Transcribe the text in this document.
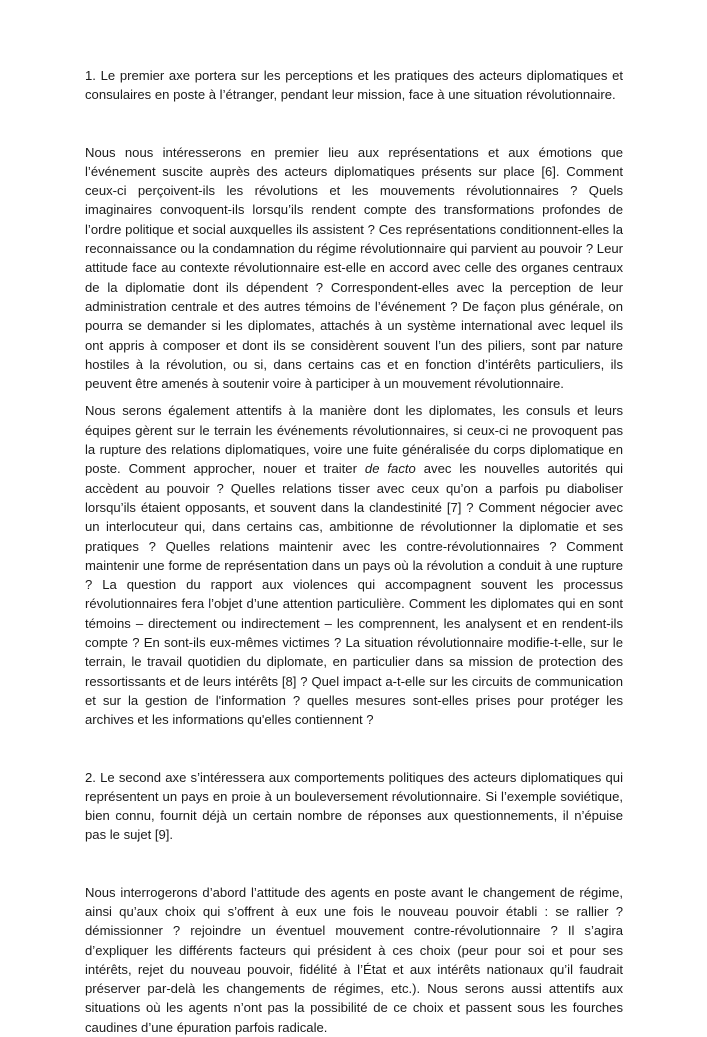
1. Le premier axe portera sur les perceptions et les pratiques des acteurs diplomatiques et consulaires en poste à l’étranger, pendant leur mission, face à une situation révolutionnaire.

Nous nous intéresserons en premier lieu aux représentations et aux émotions que l’événement suscite auprès des acteurs diplomatiques présents sur place [6]. Comment ceux-ci perçoivent-ils les révolutions et les mouvements révolutionnaires ? Quels imaginaires convoquent-ils lorsqu’ils rendent compte des transformations profondes de l’ordre politique et social auxquelles ils assistent ? Ces représentations conditionnent-elles la reconnaissance ou la condamnation du régime révolutionnaire qui parvient au pouvoir ? Leur attitude face au contexte révolutionnaire est-elle en accord avec celle des organes centraux de la diplomatie dont ils dépendent ? Correspondent-elles avec la perception de leur administration centrale et des autres témoins de l’événement ? De façon plus générale, on pourra se demander si les diplomates, attachés à un système international avec lequel ils ont appris à composer et dont ils se considèrent souvent l’un des piliers, sont par nature hostiles à la révolution, ou si, dans certains cas et en fonction d’intérêts particuliers, ils peuvent être amenés à soutenir voire à participer à un mouvement révolutionnaire.

Nous serons également attentifs à la manière dont les diplomates, les consuls et leurs équipes gèrent sur le terrain les événements révolutionnaires, si ceux-ci ne provoquent pas la rupture des relations diplomatiques, voire une fuite généralisée du corps diplomatique en poste. Comment approcher, nouer et traiter de facto avec les nouvelles autorités qui accèdent au pouvoir ? Quelles relations tisser avec ceux qu’on a parfois pu diaboliser lorsqu’ils étaient opposants, et souvent dans la clandestinité [7] ? Comment négocier avec un interlocuteur qui, dans certains cas, ambitionne de révolutionner la diplomatie et ses pratiques ? Quelles relations maintenir avec les contre-révolutionnaires ? Comment maintenir une forme de représentation dans un pays où la révolution a conduit à une rupture ? La question du rapport aux violences qui accompagnent souvent les processus révolutionnaires fera l’objet d’une attention particulière. Comment les diplomates qui en sont témoins – directement ou indirectement – les comprennent, les analysent et en rendent-ils compte ? En sont-ils eux-mêmes victimes ? La situation révolutionnaire modifie-t-elle, sur le terrain, le travail quotidien du diplomate, en particulier dans sa mission de protection des ressortissants et de leurs intérêts [8] ? Quel impact a-t-elle sur les circuits de communication et sur la gestion de l'information ? quelles mesures sont-elles prises pour protéger les archives et les informations qu'elles contiennent ?

2. Le second axe s’intéressera aux comportements politiques des acteurs diplomatiques qui représentent un pays en proie à un bouleversement révolutionnaire. Si l’exemple soviétique, bien connu, fournit déjà un certain nombre de réponses aux questionnements, il n’épuise pas le sujet [9].

Nous interrogerons d’abord l’attitude des agents en poste avant le changement de régime, ainsi qu’aux choix qui s’offrent à eux une fois le nouveau pouvoir établi : se rallier ? démissionner ? rejoindre un éventuel mouvement contre-révolutionnaire ? Il s’agira d’expliquer les différents facteurs qui président à ces choix (peur pour soi et pour ses intérêts, rejet du nouveau pouvoir, fidélité à l’État et aux intérêts nationaux qu’il faudrait préserver par-delà les changements de régimes, etc.). Nous serons aussi attentifs aux situations où les agents n’ont pas la possibilité de ce choix et passent sous les fourches caudines d’une épuration parfois radicale.
